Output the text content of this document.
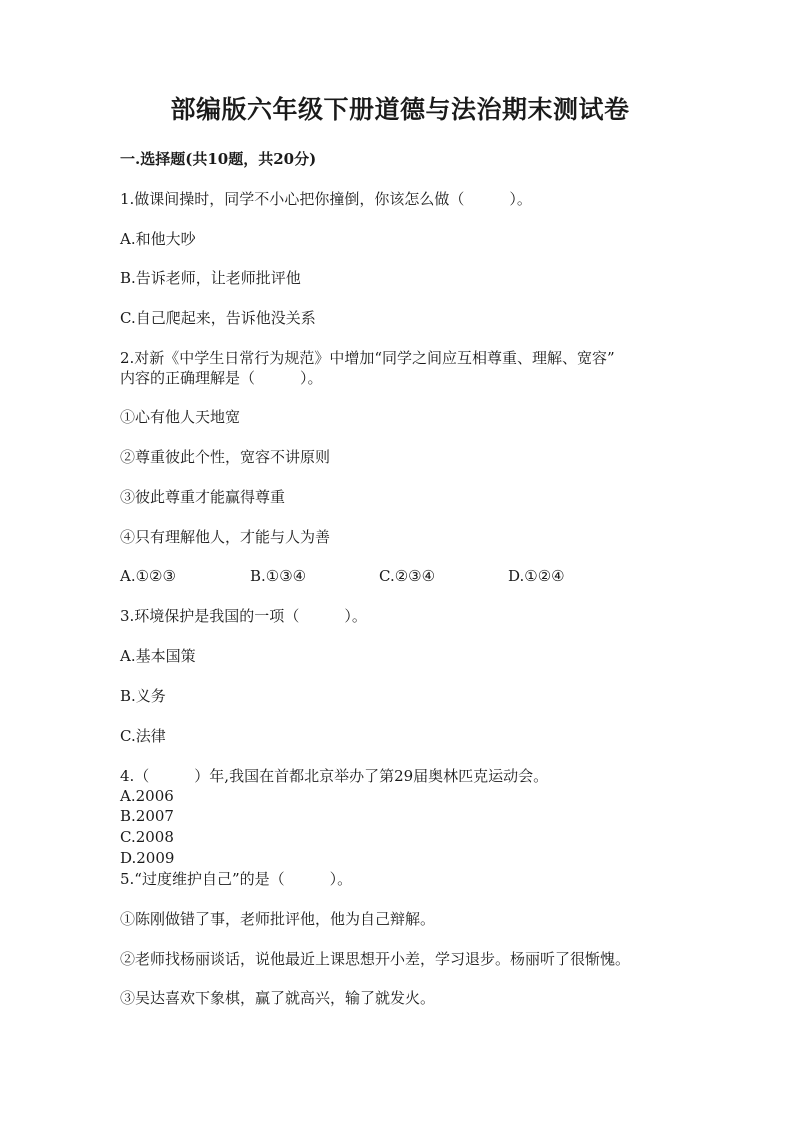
部编版六年级下册道德与法治期末测试卷
一.选择题(共10题，共20分)
1.做课间操时，同学不小心把你撞倒，你该怎么做（　　　）。
A.和他大吵
B.告诉老师，让老师批评他
C.自己爬起来，告诉他没关系
2.对新《中学生日常行为规范》中增加“同学之间应互相尊重、理解、宽容”
内容的正确理解是（　　　）。
①心有他人天地宽
②尊重彼此个性，宽容不讲原则
③彼此尊重才能赢得尊重
④只有理解他人，才能与人为善
A.①②③	B.①③④	C.②③④	D.①②④
3.环境保护是我国的一项（　　　）。
A.基本国策
B.义务
C.法律
4.（　　　）年,我国在首都北京举办了第29届奥林匹克运动会。
A.2006
B.2007
C.2008
D.2009
5.“过度维护自己”的是（　　　）。
①陈刚做错了事，老师批评他，他为自己辩解。
②老师找杨丽谈话，说他最近上课思想开小差，学习退步。杨丽听了很惭愧。
③吴达喜欢下象棋，赢了就高兴，输了就发火。
